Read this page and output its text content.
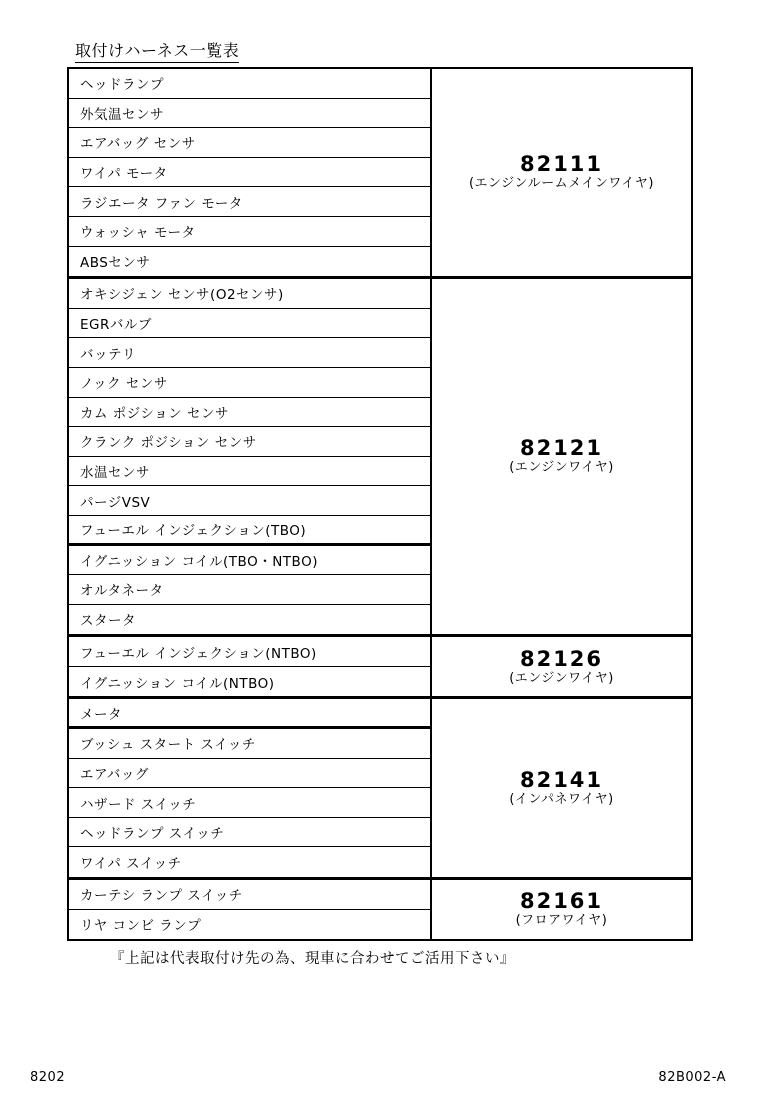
取付けハーネス一覧表
ヘッドランプ
外気温センサ
エアバッグ センサ
ワイパ モータ
ラジエータ ファン モータ
ウォッシャ モータ
ABSセンサ
82111
(エンジンルームメインワイヤ)
オキシジェン センサ(O2センサ)
EGRバルブ
バッテリ
ノック センサ
カム ポジション センサ
クランク ポジション センサ
水温センサ
パージVSV
フューエル インジェクション(TBO)
イグニッション コイル(TBO・NTBO)
オルタネータ
スタータ
82121
(エンジンワイヤ)
フューエル インジェクション(NTBO)
イグニッション コイル(NTBO)
82126
(エンジンワイヤ)
メータ
ブッシュ スタート スイッチ
エアバッグ
ハザード スイッチ
ヘッドランプ スイッチ
ワイパ スイッチ
82141
(インパネワイヤ)
カーテシ ランプ スイッチ
リヤ コンビ ランプ
82161
(フロアワイヤ)
『上記は代表取付け先の為、現車に合わせてご活用下さい』
8202	82B002-A
